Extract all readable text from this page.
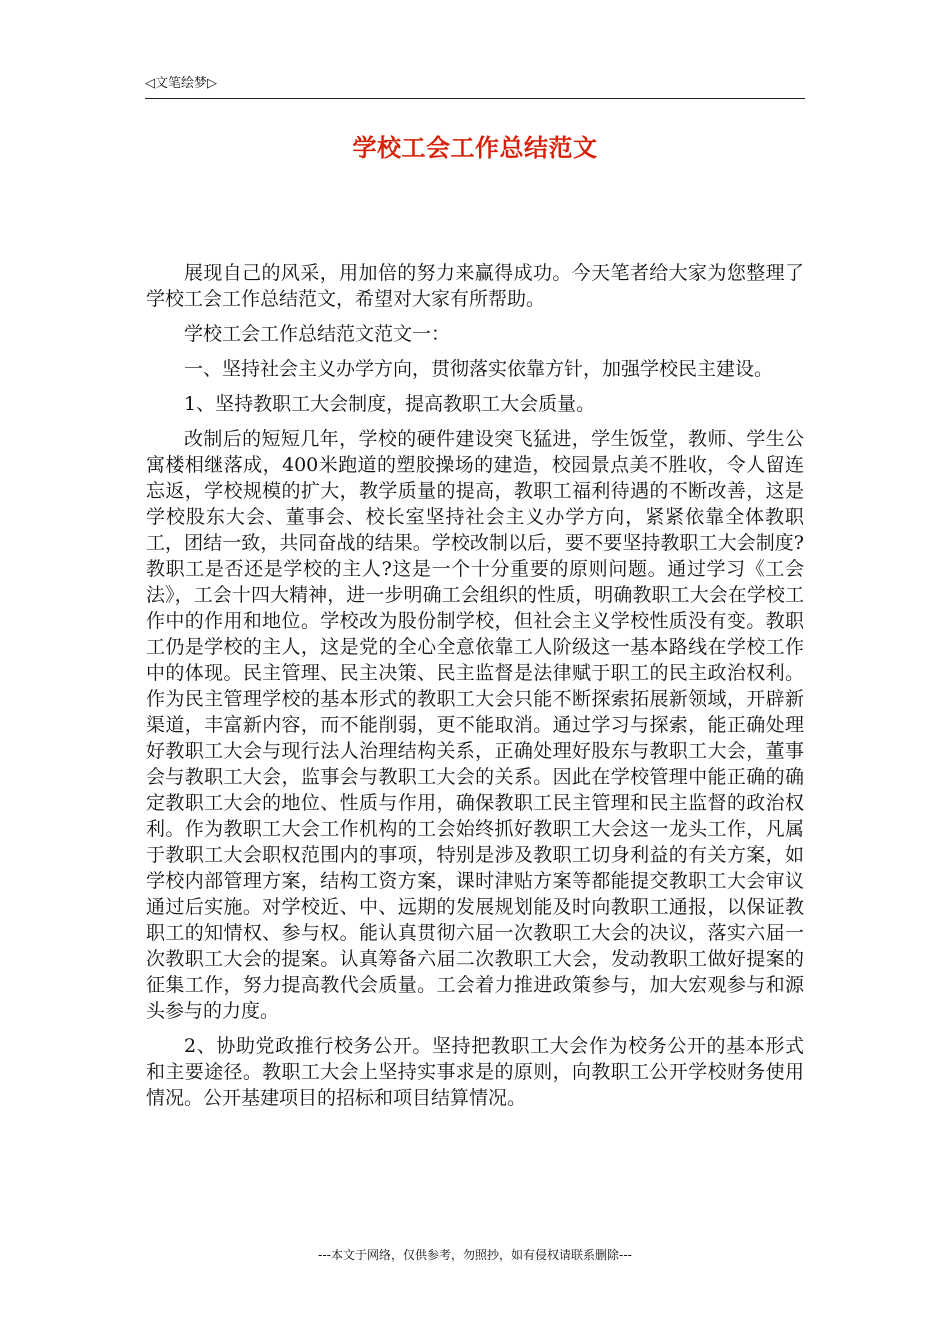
◁文笔绘梦▷
学校工会工作总结范文

展现自己的风采，用加倍的努力来赢得成功。今天笔者给大家为您整理了学校工会工作总结范文，希望对大家有所帮助。

学校工会工作总结范文范文一：

一、坚持社会主义办学方向，贯彻落实依靠方针，加强学校民主建设。

1、坚持教职工大会制度，提高教职工大会质量。

改制后的短短几年，学校的硬件建设突飞猛进，学生饭堂，教师、学生公寓楼相继落成，400米跑道的塑胶操场的建造，校园景点美不胜收，令人留连忘返，学校规模的扩大，教学质量的提高，教职工福利待遇的不断改善，这是学校股东大会、董事会、校长室坚持社会主义办学方向，紧紧依靠全体教职工，团结一致，共同奋战的结果。学校改制以后，要不要坚持教职工大会制度?教职工是否还是学校的主人?这是一个十分重要的原则问题。通过学习《工会法》，工会十四大精神，进一步明确工会组织的性质，明确教职工大会在学校工作中的作用和地位。学校改为股份制学校，但社会主义学校性质没有变。教职工仍是学校的主人，这是党的全心全意依靠工人阶级这一基本路线在学校工作中的体现。民主管理、民主决策、民主监督是法律赋于职工的民主政治权利。作为民主管理学校的基本形式的教职工大会只能不断探索拓展新领域，开辟新渠道，丰富新内容，而不能削弱，更不能取消。通过学习与探索，能正确处理好教职工大会与现行法人治理结构关系，正确处理好股东与教职工大会，董事会与教职工大会，监事会与教职工大会的关系。因此在学校管理中能正确的确定教职工大会的地位、性质与作用，确保教职工民主管理和民主监督的政治权利。作为教职工大会工作机构的工会始终抓好教职工大会这一龙头工作，凡属于教职工大会职权范围内的事项，特别是涉及教职工切身利益的有关方案，如学校内部管理方案，结构工资方案，课时津贴方案等都能提交教职工大会审议通过后实施。对学校近、中、远期的发展规划能及时向教职工通报，以保证教职工的知情权、参与权。能认真贯彻六届一次教职工大会的决议，落实六届一次教职工大会的提案。认真筹备六届二次教职工大会，发动教职工做好提案的征集工作，努力提高教代会质量。工会着力推进政策参与，加大宏观参与和源头参与的力度。

2、协助党政推行校务公开。坚持把教职工大会作为校务公开的基本形式和主要途径。教职工大会上坚持实事求是的原则，向教职工公开学校财务使用情况。公开基建项目的招标和项目结算情况。

---本文于网络，仅供参考，勿照抄，如有侵权请联系删除---
